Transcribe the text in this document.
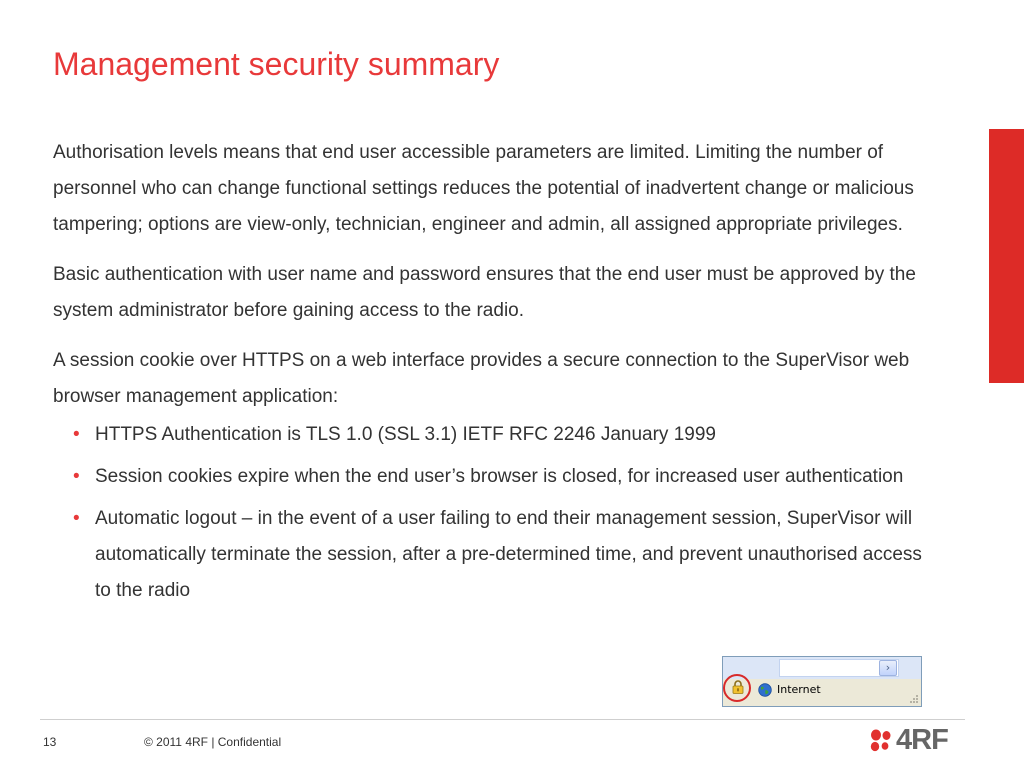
Management security summary

Authorisation levels means that end user accessible parameters are limited. Limiting the number of personnel who can change functional settings reduces the potential of inadvertent change or malicious tampering; options are view-only, technician, engineer and admin, all assigned appropriate privileges.

Basic authentication with user name and password ensures that the end user must be approved by the system administrator before gaining access to the radio.

A session cookie over HTTPS on a web interface provides a secure connection to the SuperVisor web browser management application:

• HTTPS Authentication is TLS 1.0 (SSL 3.1) IETF RFC 2246 January 1999
• Session cookies expire when the end user’s browser is closed, for increased user authentication
• Automatic logout – in the event of a user failing to end their management session, SuperVisor will automatically terminate the session, after a pre-determined time, and prevent unauthorised access to the radio
›
Internet
13	© 2011 4RF | Confidential	4RF
